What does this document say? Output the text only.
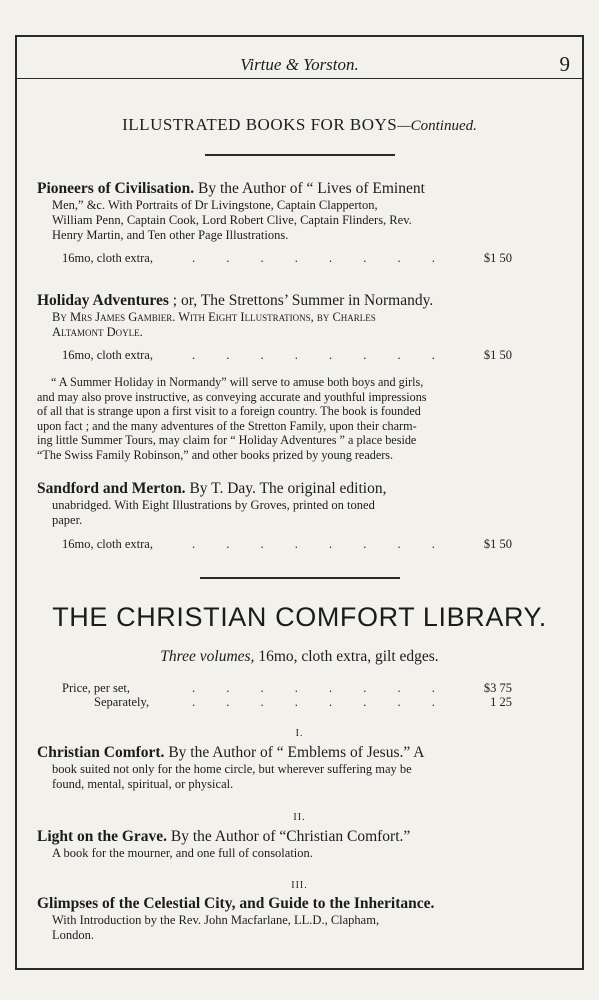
Virtue & Yorston.	9
ILLUSTRATED BOOKS FOR BOYS—Continued.
Pioneers of Civilisation. By the Author of “ Lives of Eminent
Men,” &c. With Portraits of Dr Livingstone, Captain Clapperton,
William Penn, Captain Cook, Lord Robert Clive, Captain Flinders, Rev.
Henry Martin, and Ten other Page Illustrations.
16mo, cloth extra,	. . . . . . . .	$1 50
Holiday Adventures ; or, The Strettons’ Summer in Normandy.
By Mrs James Gambier. With Eight Illustrations, by Charles
Altamont Doyle.
16mo, cloth extra,	. . . . . . . .	$1 50
“ A Summer Holiday in Normandy” will serve to amuse both boys and girls,
and may also prove instructive, as conveying accurate and youthful impressions
of all that is strange upon a first visit to a foreign country. The book is founded
upon fact ; and the many adventures of the Stretton Family, upon their charm-
ing little Summer Tours, may claim for “ Holiday Adventures ” a place beside
“The Swiss Family Robinson,” and other books prized by young readers.
Sandford and Merton. By T. Day. The original edition,
unabridged. With Eight Illustrations by Groves, printed on toned
paper.
16mo, cloth extra,	. . . . . . . .	$1 50
THE CHRISTIAN COMFORT LIBRARY.
Three volumes, 16mo, cloth extra, gilt edges.
Price, per set,	. . . . . . . .	$3 75
Separately,	. . . . . . . .	1 25
I.
Christian Comfort. By the Author of “ Emblems of Jesus.” A
book suited not only for the home circle, but wherever suffering may be
found, mental, spiritual, or physical.
II.
Light on the Grave. By the Author of “Christian Comfort.”
A book for the mourner, and one full of consolation.
III.
Glimpses of the Celestial City, and Guide to the Inheritance.
With Introduction by the Rev. John Macfarlane, LL.D., Clapham,
London.
